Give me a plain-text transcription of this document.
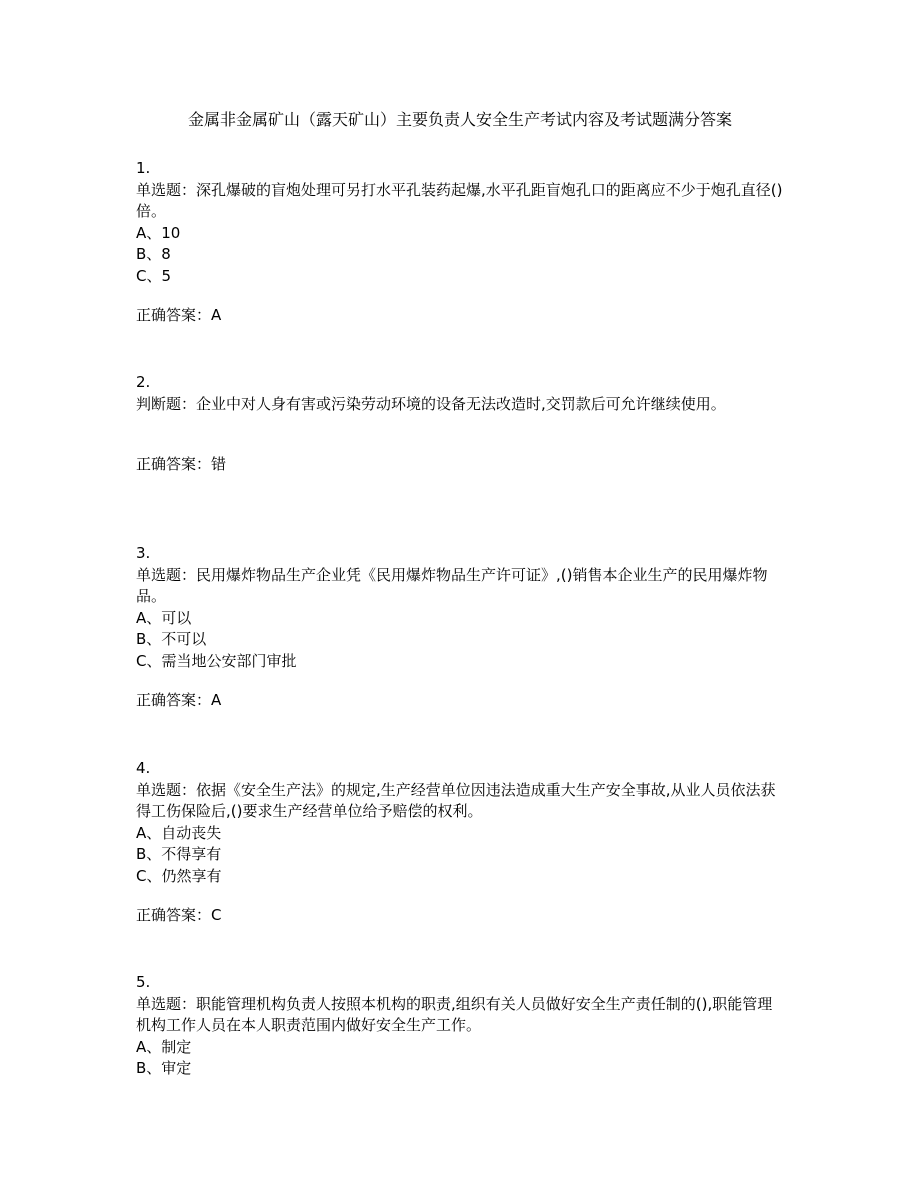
金属非金属矿山（露天矿山）主要负责人安全生产考试内容及考试题满分答案
1.
单选题：深孔爆破的盲炮处理可另打水平孔装药起爆,水平孔距盲炮孔口的距离应不少于炮孔直径()倍。
A、10
B、8
C、5
正确答案：A
2.
判断题：企业中对人身有害或污染劳动环境的设备无法改造时,交罚款后可允许继续使用。
正确答案：错
3.
单选题：民用爆炸物品生产企业凭《民用爆炸物品生产许可证》,()销售本企业生产的民用爆炸物品。
A、可以
B、不可以
C、需当地公安部门审批
正确答案：A
4.
单选题：依据《安全生产法》的规定,生产经营单位因违法造成重大生产安全事故,从业人员依法获得工伤保险后,()要求生产经营单位给予赔偿的权利。
A、自动丧失
B、不得享有
C、仍然享有
正确答案：C
5.
单选题：职能管理机构负责人按照本机构的职责,组织有关人员做好安全生产责任制的(),职能管理机构工作人员在本人职责范围内做好安全生产工作。
A、制定
B、审定
